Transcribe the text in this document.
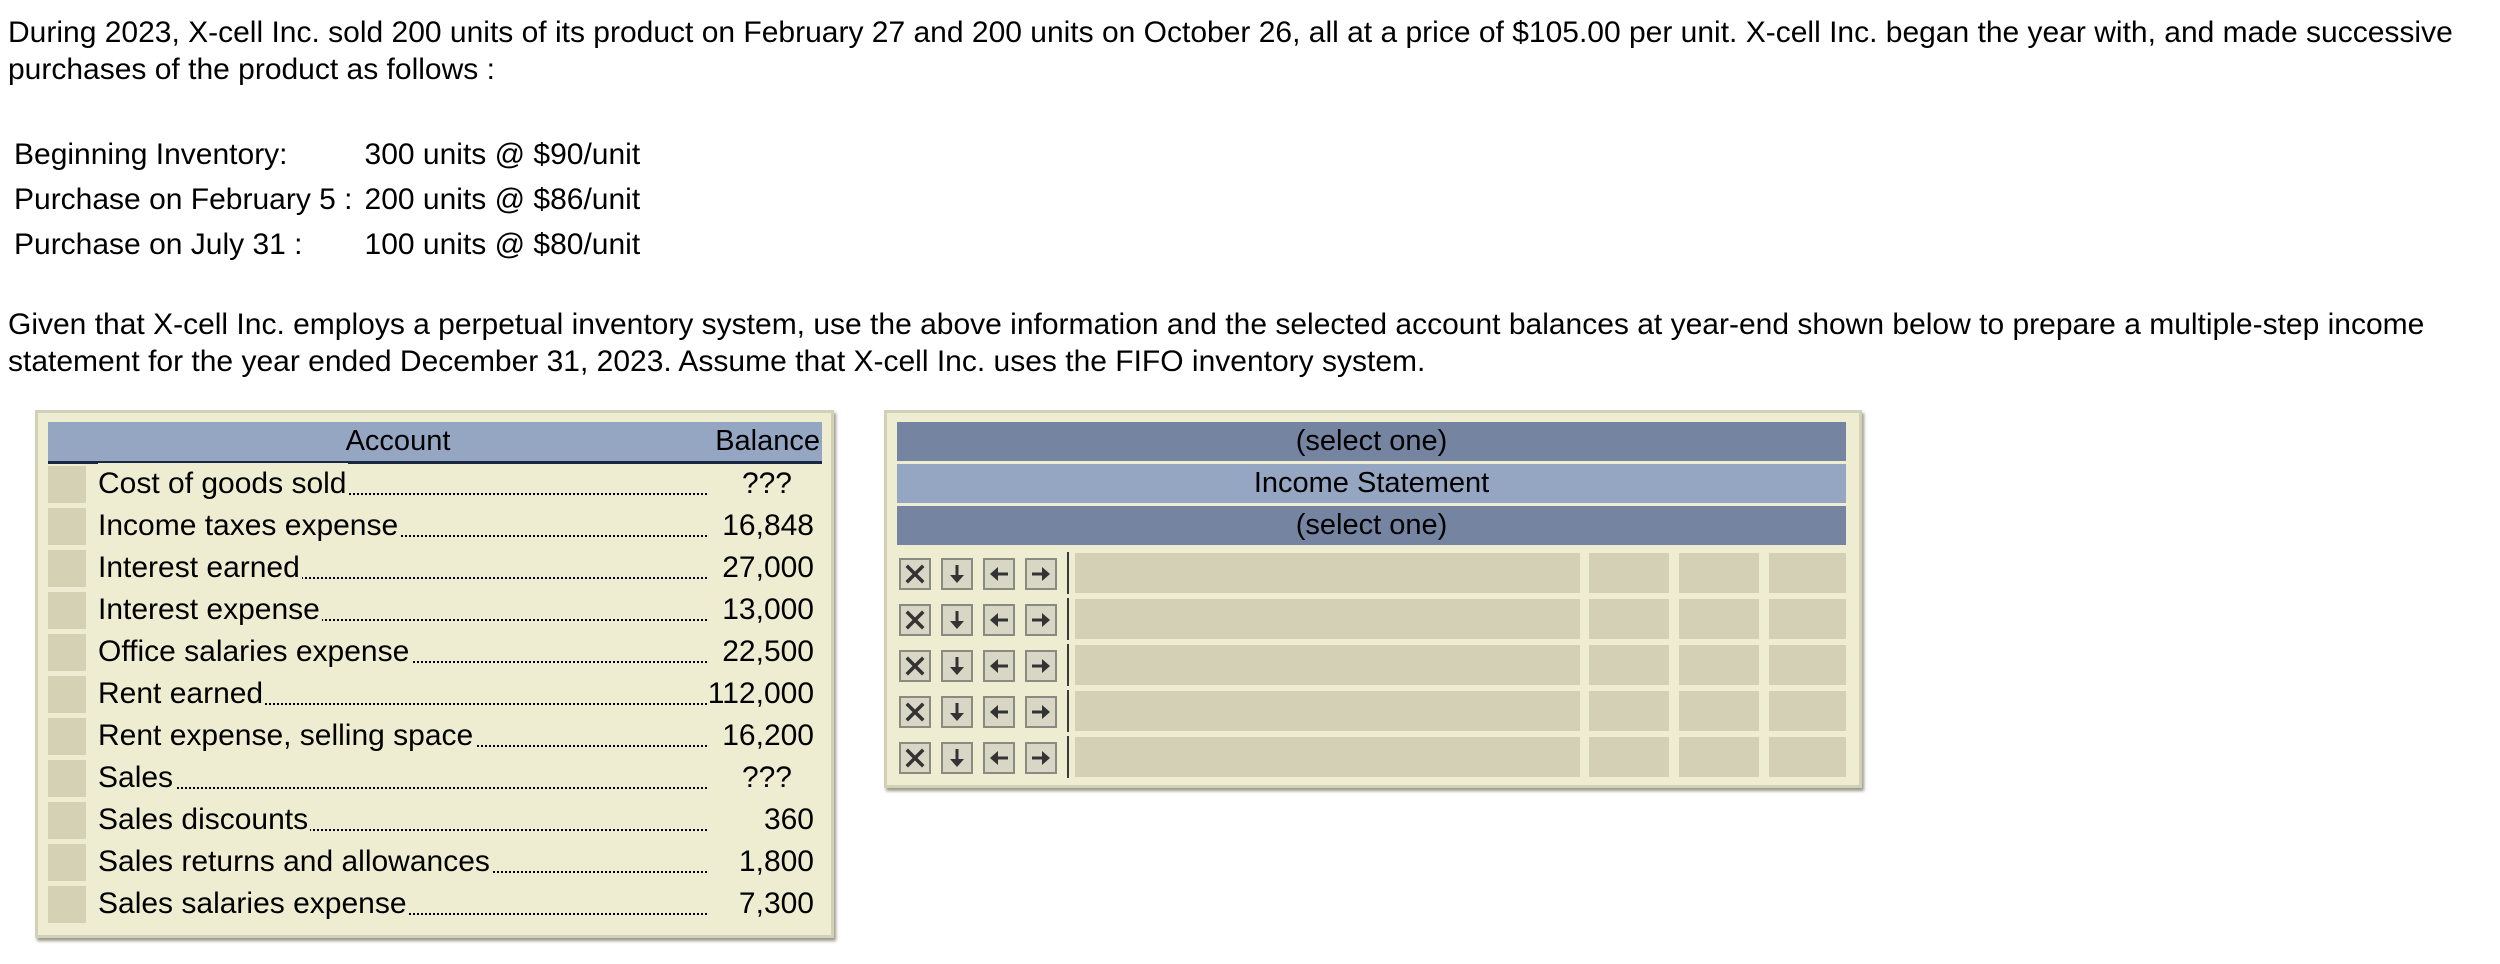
During 2023, X-cell Inc. sold 200 units of its product on February 27 and 200 units on October 26, all at a price of $105.00 per unit. X-cell Inc. began the year with, and made successive purchases of the product as follows :

Beginning Inventory:	300 units @ $90/unit
Purchase on February 5 :	200 units @ $86/unit
Purchase on July 31 :	100 units @ $80/unit

Given that X-cell Inc. employs a perpetual inventory system, use the above information and the selected account balances at year-end shown below to prepare a multiple-step income statement for the year ended December 31, 2023. Assume that X-cell Inc. uses the FIFO inventory system.

Account	Balance
Cost of goods sold	???
Income taxes expense	16,848
Interest earned	27,000
Interest expense	13,000
Office salaries expense	22,500
Rent earned	112,000
Rent expense, selling space	16,200
Sales	???
Sales discounts	360
Sales returns and allowances	1,800
Sales salaries expense	7,300
(select one)
Income Statement
(select one)
